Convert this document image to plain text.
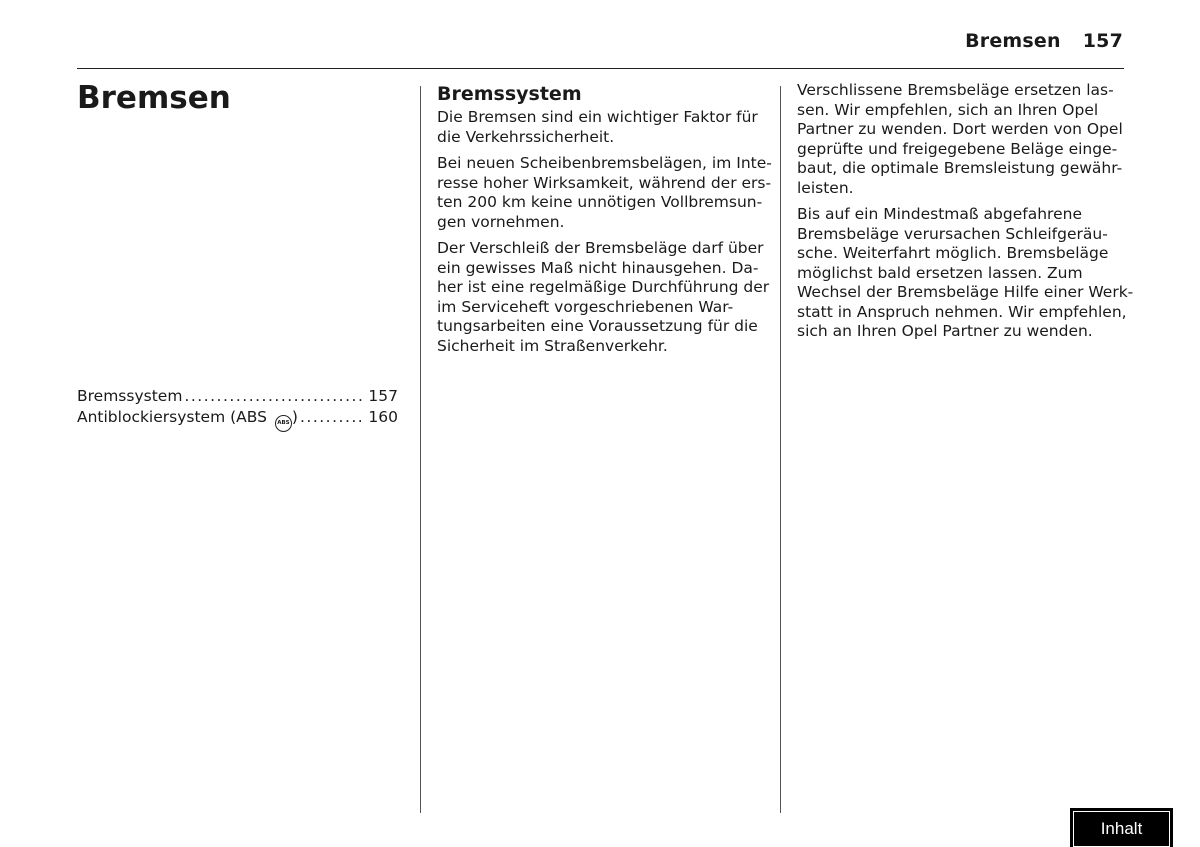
Bremsen 157
Bremsen
Bremssystem .....	157
Antiblockiersystem (ABS ABS ) .....	160
Bremssystem
Die Bremsen sind ein wichtiger Faktor für
die Verkehrssicherheit.
Bei neuen Scheibenbremsbelägen, im Inte-
resse hoher Wirksamkeit, während der ers-
ten 200 km keine unnötigen Vollbremsun-
gen vornehmen.
Der Verschleiß der Bremsbeläge darf über
ein gewisses Maß nicht hinausgehen. Da-
her ist eine regelmäßige Durchführung der
im Serviceheft vorgeschriebenen War-
tungsarbeiten eine Voraussetzung für die
Sicherheit im Straßenverkehr.
Verschlissene Bremsbeläge ersetzen las-
sen. Wir empfehlen, sich an Ihren Opel
Partner zu wenden. Dort werden von Opel
geprüfte und freigegebene Beläge einge-
baut, die optimale Bremsleistung gewähr-
leisten.
Bis auf ein Mindestmaß abgefahrene
Bremsbeläge verursachen Schleifgeräu-
sche. Weiterfahrt möglich. Bremsbeläge
möglichst bald ersetzen lassen. Zum
Wechsel der Bremsbeläge Hilfe einer Werk-
statt in Anspruch nehmen. Wir empfehlen,
sich an Ihren Opel Partner zu wenden.
Inhalt
